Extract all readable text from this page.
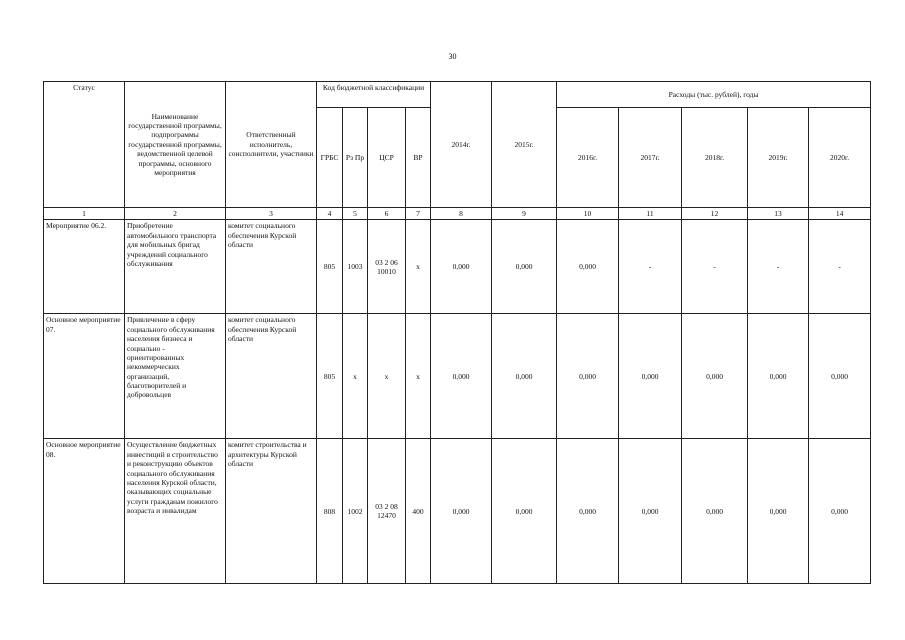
30
Статус	Наименование государственной программы, подпрограммы государственной программы, ведомственной целевой программы, основного мероприятия	Ответственный исполнитель, соисполнители, участники	Код бюджетной классификации				2014г.	2015г.	Расходы (тыс. рублей), годы				
			ГРБС	Рз Пр	ЦСР	ВР			2016г.	2017г.	2018г.	2019г.	2020г.
1	2	3	4	5	6	7	8	9	10	11	12	13	14
Мероприятие 06.2.	Приобретение автомобильного транспорта для мобильных бригад учреждений социального обслуживания	комитет социального обеспечения Курской области	805	1003	03 2 06 10010	x	0,000	0,000	0,000	-	-	-	-
Основное мероприятие 07.	Привлечение в сферу социального обслуживания населения бизнеса и социально - ориентированных некоммерческих организаций, благотворителей и добровольцев	комитет социального обеспечения Курской области	805	x	x	x	0,000	0,000	0,000	0,000	0,000	0,000	0,000
Основное мероприятие 08.	Осуществление бюджетных инвестиций в строительство и реконструкцию объектов социального обслуживания населения Курской области, оказывающих социальные услуги гражданам пожилого возраста и инвалидам	комитет строительства и архитектуры Курской области	808	1002	03 2 08 12470	400	0,000	0,000	0,000	0,000	0,000	0,000	0,000
